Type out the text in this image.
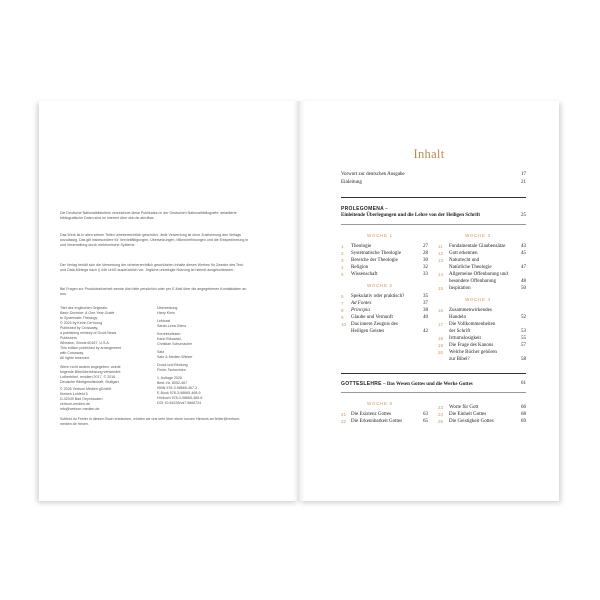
Die Deutsche Nationalbibliothek verzeichnet diese Publikation in der Deutschen Nationalbibliografie; detaillierte bibliografische Daten sind im Internet über dnb.de abrufbar.
Das Werk ist in allen seinen Teilen urheberrechtlich geschützt. Jede Verwertung ist ohne Zustimmung des Verlags unzulässig. Das gilt insbesondere für Vervielfältigungen, Übersetzungen, Mikroverfilmungen und die Einspeicherung in und Verarbeitung durch elektronische Systeme.
Der Verlag behält sich die Verwertung der urheberrechtlich geschützten Inhalte dieses Werkes für Zwecke des Text- und Data-Minings nach § 44b UrhG ausdrücklich vor. Jegliche unbefugte Nutzung ist hiermit ausgeschlossen.
Bei Fragen zur Produktsicherheit wende dich bitte persönlich oder per E-Mail über die angegebenen Kontaktdaten an uns.

Titel des englischen Originals:

Basic Doctrine: A One-Year Guide

to Systematic Theology

© 2024 by Kevin DeYoung

Published by Crossway,

a publishing ministry of Good News

Publishers

Wheaton, Illinois 60187, U.S.A.

This edition published by arrangement

with Crossway.

All rights reserved.

Wenn nicht anders angegeben, wurde

folgende Bibelübersetzung verwendet:

Lutherbibel, revidiert 2017, © 2016

Deutsche Bibelgesellschaft, Stuttgart

© 2026 Verbum Medien gGmbH

Kleines Lohfeld 5

D-32049 Bad Oeynhausen

verbum-medien.de

info@verbum-medien.de

Solltest du Fehler in diesem Buch entdecken, würden wir uns sehr über einen kurzen Hinweis an fehler@verbum-medien.de freuen.

Übersetzung

Harry Klein

Lektorat

Sarah-Lena Glenz

Korrekturlesen

Karin Brkowski,

Christian Schumacher

Satz

Satz & Medien Wieser

Druck und Bindung

Finidr, Tschechien

1. Auflage 2026

Best.-Nr. 8052-467

ISBN 978-3-98665-467-2

E-Book 978-3-98665-468-9

Hörbuch 978-3-98665-469-6

DOI 10.54226/vd7.5666724

Inhalt
Vorwort zur deutschen Ausgabe	17
Einleitung	21
PROLEGOMENA –
Einleitende Überlegungen und die Lehre von der Heiligen Schrift	25
WOCHE 1
1	Theologie	27
2	Systematische Theologie	28
3	Bereiche der Theologie	30
4	Religion	32
5	Wissenschaft	33
WOCHE 2
6	Spekulativ oder praktisch?	35
7	Ad Fontes	37
8	Principia	38
9	Glaube und Vernunft	40
10 Das innere Zeugnis des
Heiligen Geistes	42
WOCHE 3
11	Fundamentale Glaubensätze	43
12	Gott erkennen	45
13	Naturrecht und
Natürliche Theologie	47
14	Allgemeine Offenbarung und
besondere Offenbarung	48
15	Inspiration	50
WOCHE 4
16	Zusammenwirkendes
Handeln	52
17	Die Vollkommenheiten
der Schrift	53
18	Irrtumslosigkeit	55
19	Die Frage des Kanons	57
20	Welche Bücher gehören
zur Bibel?	58
GOTTESLEHRE – Das Wesen Gottes und die Werke Gottes	61
WOCHE 5
21 Die Existenz Gottes	63
22 Die Erkennbarkeit Gottes	65
23	Worte für Gott	66
24	Die Einheit Gottes	68
25	Die Geistigkeit Gottes	69
